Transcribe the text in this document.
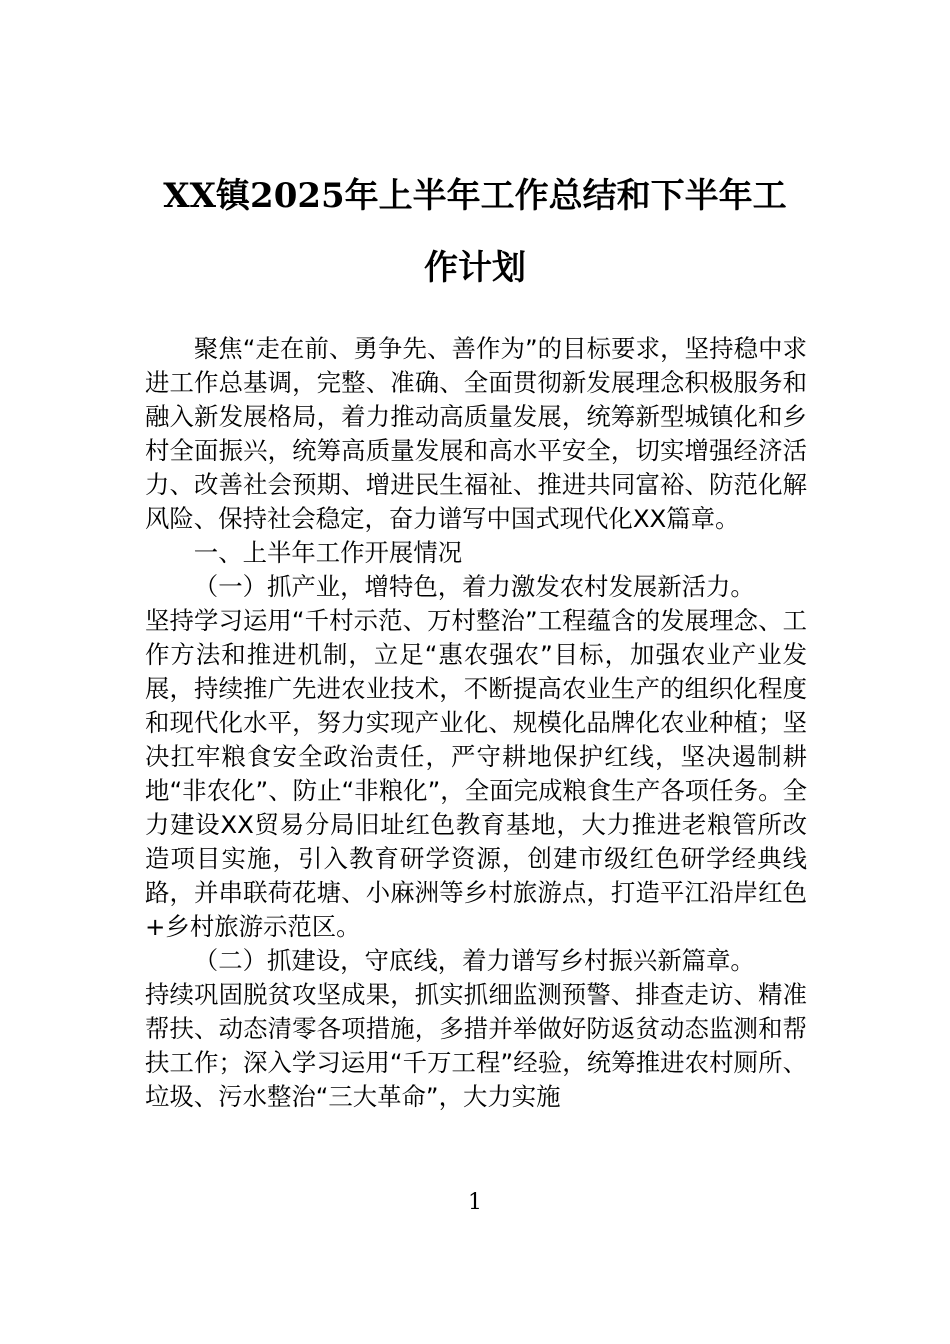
XX镇2025年上半年工作总结和下半年工
作计划

聚焦“走在前、勇争先、善作为”的目标要求，坚持稳中求进工作总基调，完整、准确、全面贯彻新发展理念积极服务和融入新发展格局，着力推动高质量发展，统筹新型城镇化和乡村全面振兴，统筹高质量发展和高水平安全，切实增强经济活力、改善社会预期、增进民生福祉、推进共同富裕、防范化解风险、保持社会稳定，奋力谱写中国式现代化XX篇章。

一、上半年工作开展情况

（一）抓产业，增特色，着力激发农村发展新活力。

坚持学习运用“千村示范、万村整治”工程蕴含的发展理念、工作方法和推进机制，立足“惠农强农”目标，加强农业产业发展，持续推广先进农业技术，不断提高农业生产的组织化程度和现代化水平，努力实现产业化、规模化品牌化农业种植；坚决扛牢粮食安全政治责任，严守耕地保护红线，坚决遏制耕地“非农化”、防止“非粮化”，全面完成粮食生产各项任务。全力建设XX贸易分局旧址红色教育基地，大力推进老粮管所改造项目实施，引入教育研学资源，创建市级红色研学经典线路，并串联荷花塘、小麻洲等乡村旅游点，打造平江沿岸红色+乡村旅游示范区。

（二）抓建设，守底线，着力谱写乡村振兴新篇章。

持续巩固脱贫攻坚成果，抓实抓细监测预警、排查走访、精准帮扶、动态清零各项措施，多措并举做好防返贫动态监测和帮扶工作；深入学习运用“千万工程”经验，统筹推进农村厕所、垃圾、污水整治“三大革命”，大力实施

1
